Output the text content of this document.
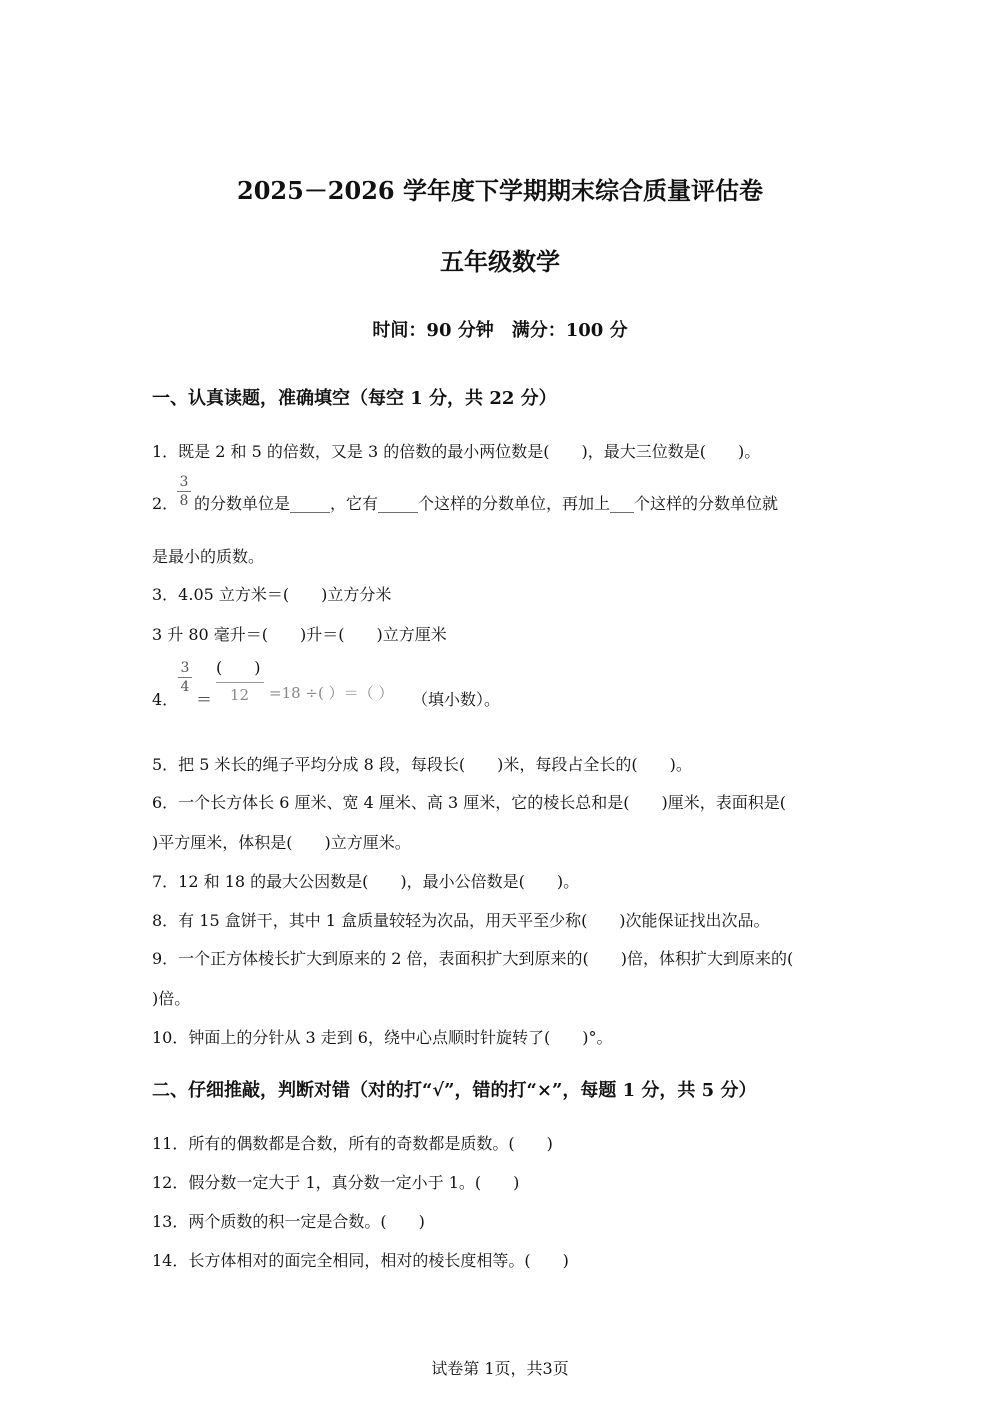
2025－2026 学年度下学期期末综合质量评估卷
五年级数学
时间：90 分钟　满分：100 分
一、认真读题，准确填空（每空 1 分，共 22 分）
1．既是 2 和 5 的倍数，又是 3 的倍数的最小两位数是(　　)，最大三位数是(　　)。
2．
3
8 的分数单位是_____，它有_____个这样的分数单位，再加上___个这样的分数单位就
是最小的质数。
3．4.05 立方米＝(　　)立方分米
3 升 80 毫升＝(　　)升＝(　　)立方厘米
4．
3
4
＝
(　　)
12 =18 ÷( ）＝（ ） （填小数）。
5．把 5 米长的绳子平均分成 8 段，每段长(　　)米，每段占全长的(　　)。
6．一个长方体长 6 厘米、宽 4 厘米、高 3 厘米，它的棱长总和是(　　)厘米，表面积是(
)平方厘米，体积是(　　)立方厘米。
7．12 和 18 的最大公因数是(　　)，最小公倍数是(　　)。
8．有 15 盒饼干，其中 1 盒质量较轻为次品，用天平至少称(　　)次能保证找出次品。
9．一个正方体棱长扩大到原来的 2 倍，表面积扩大到原来的(　　)倍，体积扩大到原来的(
)倍。
10．钟面上的分针从 3 走到 6，绕中心点顺时针旋转了(　　)°。
二、仔细推敲，判断对错（对的打“√”，错的打“×”，每题 1 分，共 5 分）
11．所有的偶数都是合数，所有的奇数都是质数。(　　)
12．假分数一定大于 1，真分数一定小于 1。(　　)
13．两个质数的积一定是合数。(　　)
14．长方体相对的面完全相同，相对的棱长度相等。(　　)
试卷第 1页，共3页
